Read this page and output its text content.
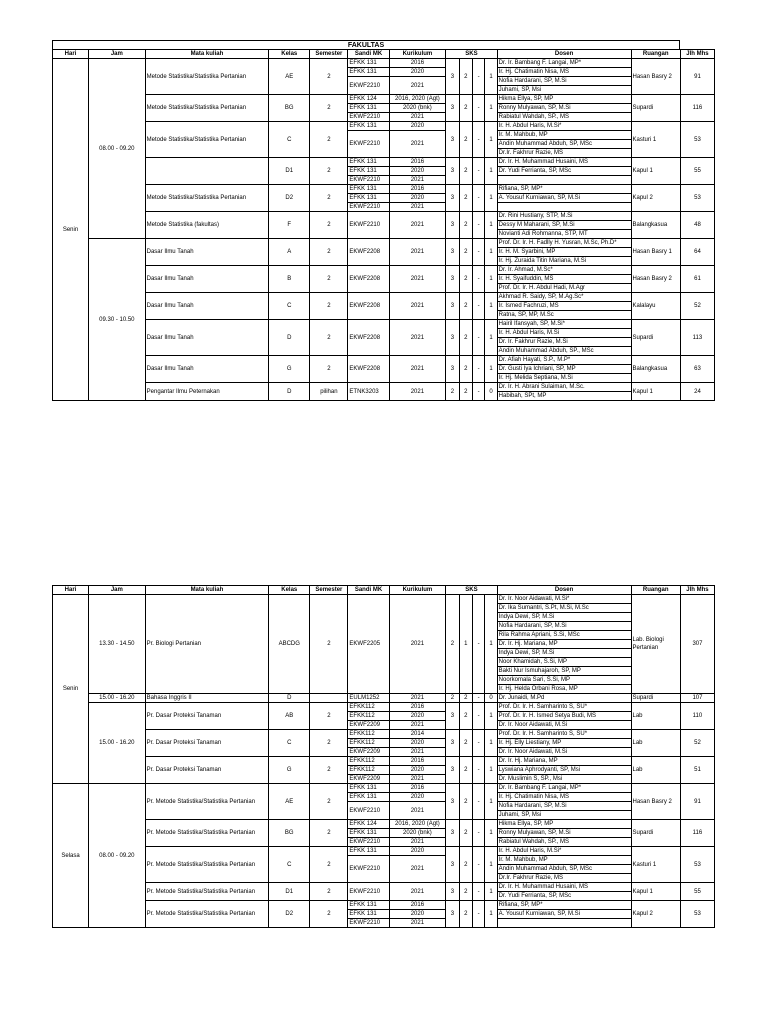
FAKULTAS
Hari	Jam	Mata kuliah	Kelas	Semester	Sandi MK	Kurikulum	SKS				Dosen	Ruangan	Jlh Mhs
Senin	08.00 - 09.20	Metode Statistika/Statistika Pertanian	AE	2	EFKK 131	2016	3	2	-	1	Dr. Ir. Bambang F. Langai, MP*	Hasan Basry 2	91
					EFKK 131	2020					Ir. Hj. Chatimatin Nisa, MS		
					EKWF2210	2021					Nofia Hardarani, SP, M.Si		
											Juhami, SP, Msi		
		Metode Statistika/Statistika Pertanian	BG	2	EFKK 124	2016, 2020 (Agt)	3	2	-	1	Hikma Ellya, SP, MP	Supardi	116
					EFKK 131	2020 (bnk)					Ronny Mulyawan, SP, M.Si		
					EKWF2210	2021					Rabiatul Wahdah, SP., MS		
		Metode Statistika/Statistika Pertanian	C	2	EFKK 131	2020	3	2	-	1	Ir. H. Abdul Haris, M.Si*	Kasturi 1	53
					EKWF2210	2021					Ir. M. Mahbub, MP		
											Andin Muhammad Abduh, SP, MSc		
											Dr.Ir. Fakhrur Razie, MS		
			D1	2	EFKK 131	2016	3	2	-	1	Dr. Ir. H. Muhammad Husaini, MS	Kapul 1	55
					EFKK 131	2020					Dr. Yudi Ferrianta, SP, MSc		
					EKWF2210	2021							
		Metode Statistika/Statistika Pertanian	D2	2	EFKK 131	2016	3	2	-	1	Rifiana, SP, MP*	Kapul 2	53
					EFKK 131	2020					A. Yousuf Kurniawan, SP, M.Si		
					EKWF2210	2021							
		Metode Statistika (fakultas)	F	2	EKWF2210	2021	3	2	-	1	Dr. Rini Hustiany, STP, M.Si	Balangkasua	48
											Dessy M Maharani, SP, M.Si		
											Novianti Adi Rohmanna, STP, MT		
	09.30 - 10.50	Dasar Ilmu Tanah	A	2	EKWF2208	2021	3	2	-	1	Prof. Dr. Ir. H. Fadlly H. Yusran, M.Sc, Ph.D*	Hasan Basry 1	64
											Ir. H. M. Syarbini, MP		
											Ir. Hj. Zuraida Titin Mariana, M.Si		
		Dasar Ilmu Tanah	B	2	EKWF2208	2021	3	2	-	1	Dr. Ir. Ahmad, M.Sc*	Hasan Basry 2	61
											Ir. H. Syaifuddin, MS		
											Prof. Dr. Ir. H. Abdul Hadi, M.Agr		
		Dasar Ilmu Tanah	C	2	EKWF2208	2021	3	2	-	1	Akhmad R. Saidy, SP, M.Ag.Sc*	Kalalayu	52
											Ir. Ismed Fachruzi, MS		
											Ratna, SP, MP, M.Sc		
		Dasar Ilmu Tanah	D	2	EKWF2208	2021	3	2	-	1	Hairil Ifansyah, SP, M.Si*	Supardi	113
											Ir. H. Abdul Haris, M.Si		
											Dr. Ir. Fakhrur Razie, M.Si		
											Andin Muhammad Abduh, SP., MSc		
		Dasar Ilmu Tanah	G	2	EKWF2208	2021	3	2	-	1	Dr. Afiah Hayati, S.P., M.P*	Balangkasua	63
											Dr. Gusti Iya Ichriani, SP, MP		
											Ir. Hj. Melida Septiana, M.Si		
		Pengantar Ilmu Peternakan	D	pilihan	ETNK3203	2021	2	2	-	0	Dr. Ir. H. Abrani Sulaiman, M.Sc.	Kapul 1	24
											Habibah, SPt, MP		
Hari	Jam	Mata kuliah	Kelas	Semester	Sandi MK	Kurikulum	SKS				Dosen	Ruangan	Jlh Mhs
Senin	13.30 - 14.50	Pr. Biologi Pertanian	ABCDG	2	EKWF2205	2021	2	1	-	1	Dr. Ir. Noor Aidawati, M.Si*	Lab. Biologi Pertanian	307
											Dr. Ika Sumantri, S.Pt, M.Si, M.Sc		
											Indya Dewi, SP, M.Si		
											Nofia Hardarani, SP, M.Si		
											Rila Rahma Apriani, S.Si, MSc		
											Dr. Ir. Hj. Mariana, MP		
											Indya Dewi, SP, M.Si		
											Noor Khamidah, S.Si, MP		
											Bakti Nur Ismuhajaroh, SP, MP		
											Noorkomala Sari, S.Si, MP		
											Ir. Hj. Helda Orbani Rosa, MP		
	15.00 - 16.20	Bahasa Inggris II	D		EULM1252	2021	2	2	-	0	Dr. Junaidi, M.Pd	Supardi	107
	15.00 - 16.20	Pr. Dasar Proteksi Tanaman	AB	2	EFKK112	2016	3	2	-	1	Prof. Dr. Ir. H. Samharinto S, SU*	Lab	110
					EFKK112	2020					Prof. Dr. Ir. H. Ismed Setya Budi, MS		
					EKWF2209	2021					Dr. Ir. Noor Aidawati, M.Si		
		Pr. Dasar Proteksi Tanaman	C	2	EFKK112	2014	3	2	-	1	Prof. Dr. Ir. H. Samharinto S, SU*	Lab	52
					EFKK112	2020					Ir. Hj. Elly Liestiany, MP		
					EKWF2209	2021					Dr. Ir. Noor Aidawati, M.Si		
		Pr. Dasar Proteksi Tanaman	G	2	EFKK112	2016	3	2	-	1	Dr. Ir. Hj. Mariana, MP	Lab	51
					EFKK112	2020					Lyswiana Aphrodyanti, SP, Msi		
					EKWF2209	2021					Dr. Muslimin S, SP., Msi		
Selasa	08.00 - 09.20	Pr. Metode Statistika/Statistika Pertanian	AE	2	EFKK 131	2016	3	2	-	1	Dr. Ir. Bambang F. Langai, MP*	Hasan Basry 2	91
					EFKK 131	2020					Ir. Hj. Chatimatin Nisa, MS		
					EKWF2210	2021					Nofia Hardarani, SP, M.Si		
											Juhami, SP, Msi		
		Pr. Metode Statistika/Statistika Pertanian	BG	2	EFKK 124	2016, 2020 (Agt)	3	2	-	1	Hikma Ellya, SP, MP	Supardi	116
					EFKK 131	2020 (bnk)					Ronny Mulyawan, SP, M.Si		
					EKWF2210	2021					Rabiatul Wahdah, SP., MS		
		Pr. Metode Statistika/Statistika Pertanian	C	2	EFKK 131	2020	3	2	-	1	Ir. H. Abdul Haris, M.Si*	Kasturi 1	53
					EKWF2210	2021					Ir. M. Mahbub, MP		
											Andin Muhammad Abduh, SP, MSc		
											Dr.Ir. Fakhrur Razie, MS		
		Pr. Metode Statistika/Statistika Pertanian	D1	2	EKWF2210	2021	3	2	-	1	Dr. Ir. H. Muhammad Husaini, MS	Kapul 1	55
											Dr. Yudi Ferrianta, SP, MSc		
		Pr. Metode Statistika/Statistika Pertanian	D2	2	EFKK 131	2016	3	2	-	1	Rifiana, SP, MP*	Kapul 2	53
					EFKK 131	2020					A. Yousuf Kurniawan, SP, M.Si		
					EKWF2210	2021							
